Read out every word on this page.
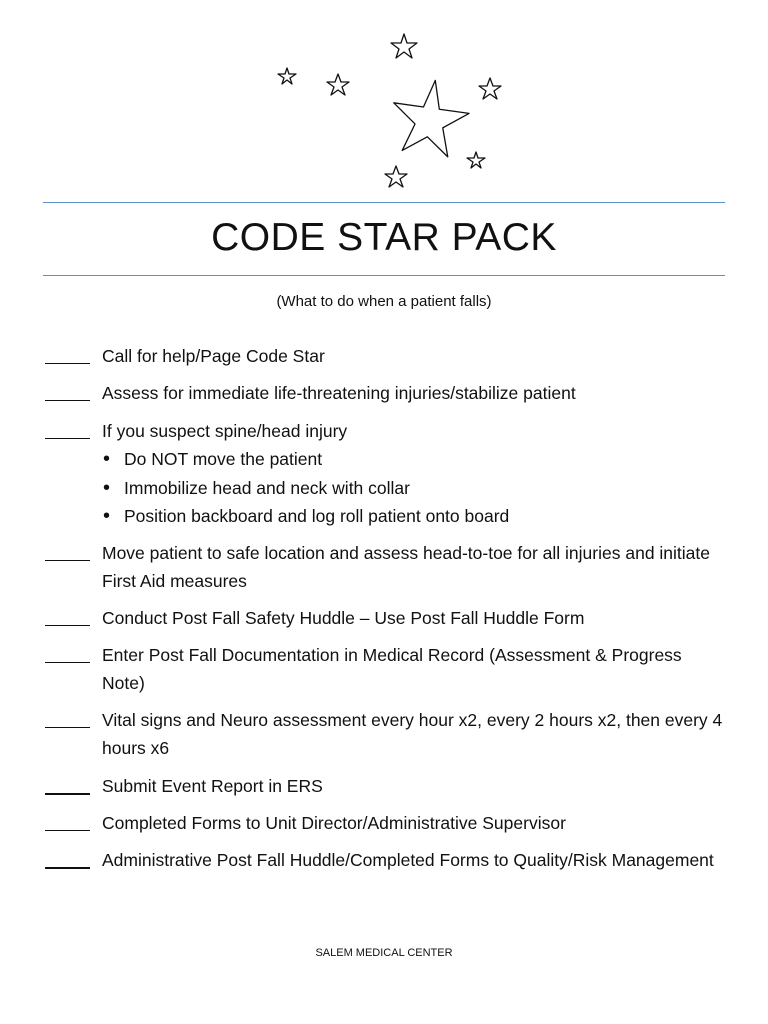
CODE STAR PACK
(What to do when a patient falls)
Call for help/Page Code Star
Assess for immediate life-threatening injuries/stabilize patient
If you suspect spine/head injury
• Do NOT move the patient
• Immobilize head and neck with collar
• Position backboard and log roll patient onto board
Move patient to safe location and assess head-to-toe for all injuries and initiate First Aid measures
Conduct Post Fall Safety Huddle – Use Post Fall Huddle Form
Enter Post Fall Documentation in Medical Record (Assessment & Progress Note)
Vital signs and Neuro assessment every hour x2, every 2 hours x2, then every 4 hours x6
Submit Event Report in ERS
Completed Forms to Unit Director/Administrative Supervisor
Administrative Post Fall Huddle/Completed Forms to Quality/Risk Management
SALEM MEDICAL CENTER
